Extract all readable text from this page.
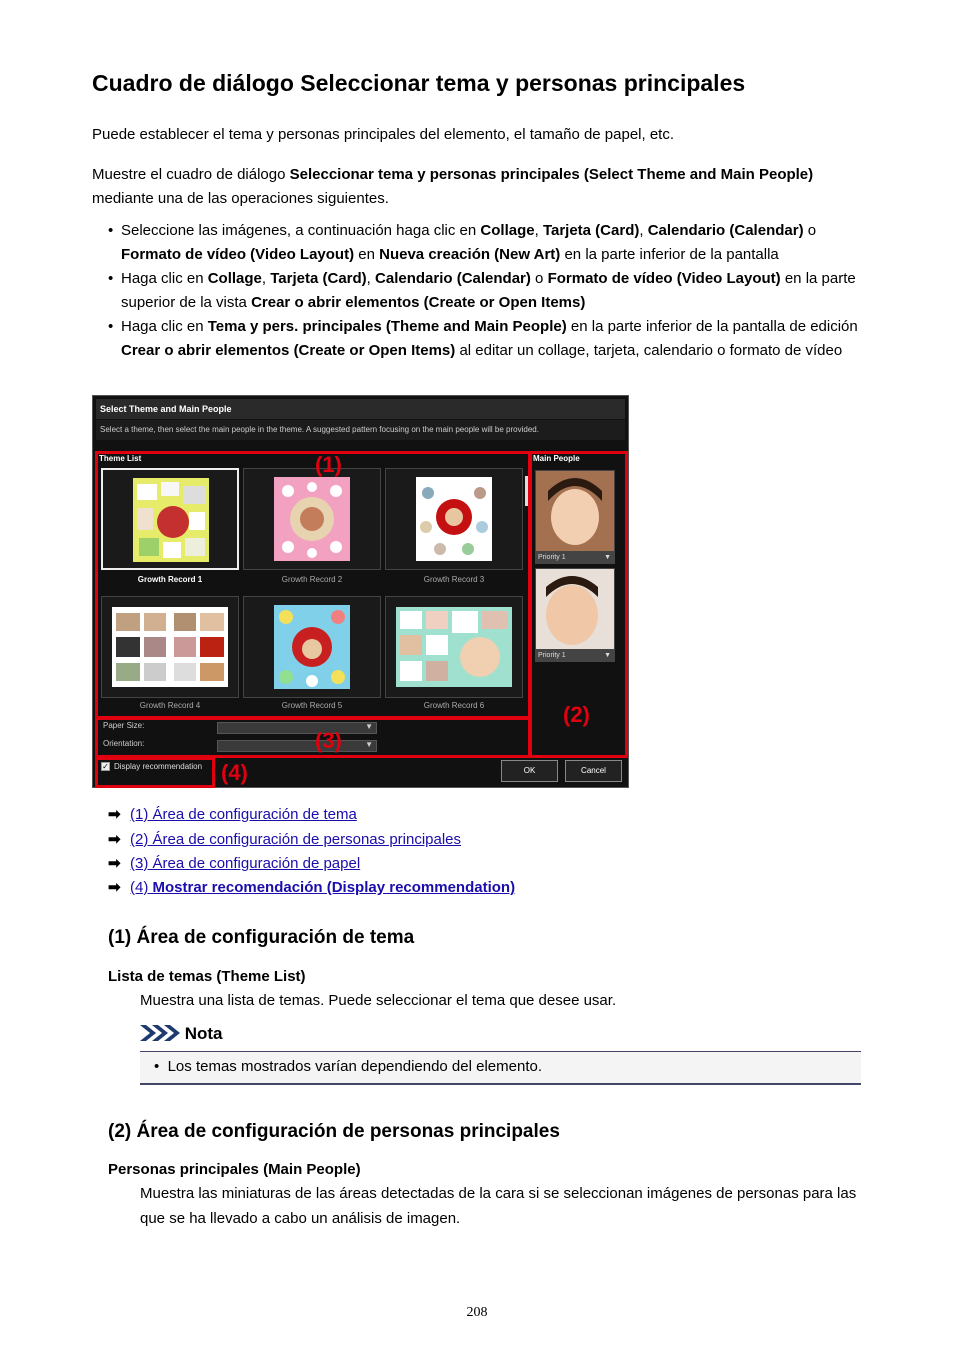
Cuadro de diálogo Seleccionar tema y personas principales

Puede establecer el tema y personas principales del elemento, el tamaño de papel, etc.

Muestre el cuadro de diálogo Seleccionar tema y personas principales (Select Theme and Main People) mediante una de las operaciones siguientes.

• Seleccione las imágenes, a continuación haga clic en Collage, Tarjeta (Card), Calendario (Calendar) o Formato de vídeo (Video Layout) en Nueva creación (New Art) en la parte inferior de la pantalla
• Haga clic en Collage, Tarjeta (Card), Calendario (Calendar) o Formato de vídeo (Video Layout) en la parte superior de la vista Crear o abrir elementos (Create or Open Items)
• Haga clic en Tema y pers. principales (Theme and Main People) en la parte inferior de la pantalla de edición Crear o abrir elementos (Create or Open Items) al editar un collage, tarjeta, calendario o formato de vídeo
Select Theme and Main People
Select a theme, then select the main people in the theme. A suggested pattern focusing on the main people will be provided.
Theme List	Main People
Growth Record 1	Growth Record 2	Growth Record 3
Growth Record 4	Growth Record 5	Growth Record 6
Priority 1	▼
Priority 1	▼
Paper Size:	▼
Orientation:	▼
✓ Display recommendation	OK	Cancel
(1)
(2)
(3)
(4)
➡ (1) Área de configuración de tema
➡ (2) Área de configuración de personas principales
➡ (3) Área de configuración de papel
➡ (4) Mostrar recomendación (Display recommendation)
(1) Área de configuración de tema
Lista de temas (Theme List)
Muestra una lista de temas. Puede seleccionar el tema que desee usar.
Nota
•  Los temas mostrados varían dependiendo del elemento.
(2) Área de configuración de personas principales
Personas principales (Main People)
Muestra las miniaturas de las áreas detectadas de la cara si se seleccionan imágenes de personas para las que se ha llevado a cabo un análisis de imagen.
208
